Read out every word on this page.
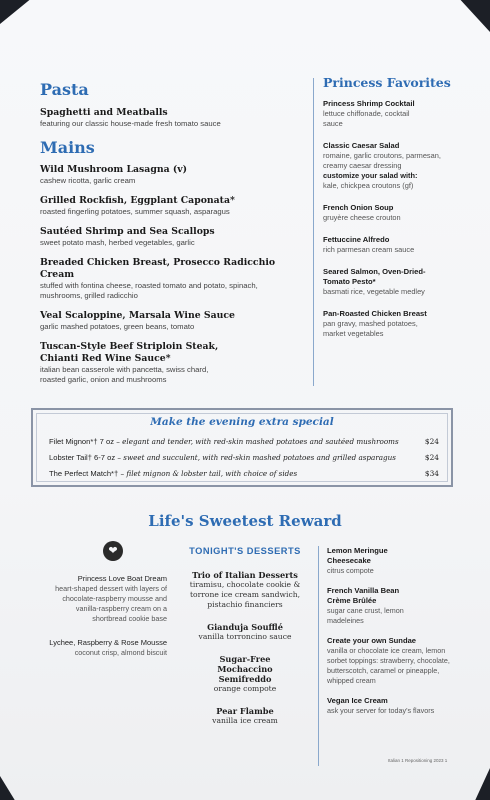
Pasta
Spaghetti and Meatballs
featuring our classic house-made fresh tomato sauce
Mains
Wild Mushroom Lasagna (v)
cashew ricotta, garlic cream
Grilled Rockfish, Eggplant Caponata*
roasted fingerling potatoes, summer squash, asparagus
Sautéed Shrimp and Sea Scallops
sweet potato mash, herbed vegetables, garlic
Breaded Chicken Breast, Prosecco Radicchio Cream
stuffed with fontina cheese, roasted tomato and potato, spinach, mushrooms, grilled radicchio
Veal Scaloppine, Marsala Wine Sauce
garlic mashed potatoes, green beans, tomato
Tuscan-Style Beef Striploin Steak, Chianti Red Wine Sauce*
italian bean casserole with pancetta, swiss chard, roasted garlic, onion and mushrooms
Princess Favorites
Princess Shrimp Cocktail
lettuce chiffonade, cocktail sauce
Classic Caesar Salad
romaine, garlic croutons, parmesan, creamy caesar dressing
customize your salad with:
kale, chickpea croutons (gf)
French Onion Soup
gruyère cheese crouton
Fettuccine Alfredo
rich parmesan cream sauce
Seared Salmon, Oven-Dried-Tomato Pesto*
basmati rice, vegetable medley
Pan-Roasted Chicken Breast
pan gravy, mashed potatoes, market vegetables
Make the evening extra special
Filet Mignon*† 7 oz – elegant and tender, with red-skin mashed potatoes and sautéed mushrooms	$24
Lobster Tail† 6-7 oz – sweet and succulent, with red-skin mashed potatoes and grilled asparagus	$24
The Perfect Match*† – filet mignon & lobster tail, with choice of sides	$34
Life's Sweetest Reward
❤
Princess Love Boat Dream
heart-shaped dessert with layers of chocolate-raspberry mousse and vanilla-raspberry cream on a shortbread cookie base
Lychee, Raspberry & Rose Mousse
coconut crisp, almond biscuit
TONIGHT'S DESSERTS
Trio of Italian Desserts
tiramisu, chocolate cookie & torrone ice cream sandwich, pistachio financiers
Gianduja Soufflé
vanilla torroncino sauce
Sugar-Free Mochaccino Semifreddo
orange compote
Pear Flambe
vanilla ice cream
Lemon Meringue Cheesecake
citrus compote
French Vanilla Bean Crème Brûlée
sugar cane crust, lemon madeleines
Create your own Sundae
vanilla or chocolate ice cream, lemon sorbet toppings: strawberry, chocolate, butterscotch, caramel or pineapple, whipped cream
Vegan Ice Cream
ask your server for today's flavors
Italian 1 Repositioning 2023 1
